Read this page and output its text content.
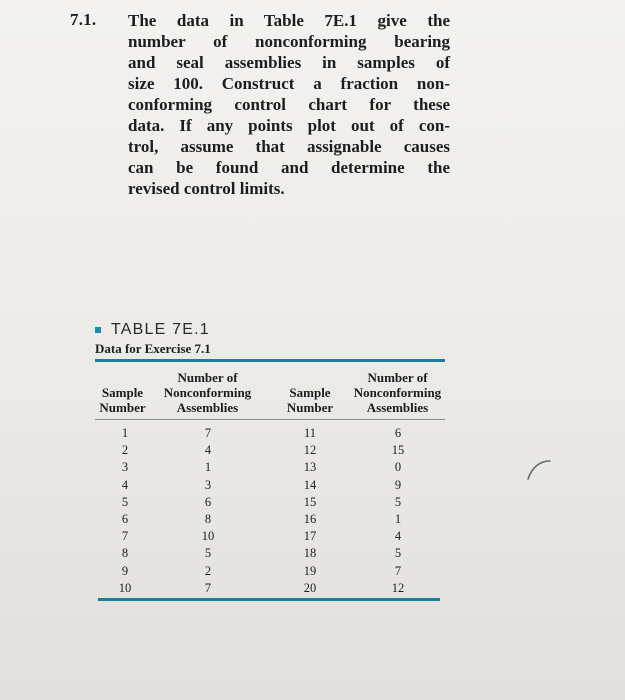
7.1. The data in Table 7E.1 give the
number of nonconforming bearing
and seal assemblies in samples of
size 100. Construct a fraction non-
conforming control chart for these
data. If any points plot out of con-
trol, assume that assignable causes
can be found and determine the
revised control limits.
TABLE 7E.1
Data for Exercise 7.1
Sample
Number
Number of
Nonconforming
Assemblies
Sample
Number
Number of
Nonconforming
Assemblies
1
2
3
4
5
6
7
8
9
10
7
4
1
3
6
8
10
5
2
7
11
12
13
14
15
16
17
18
19
20
6
15
0
9
5
1
4
5
7
12
